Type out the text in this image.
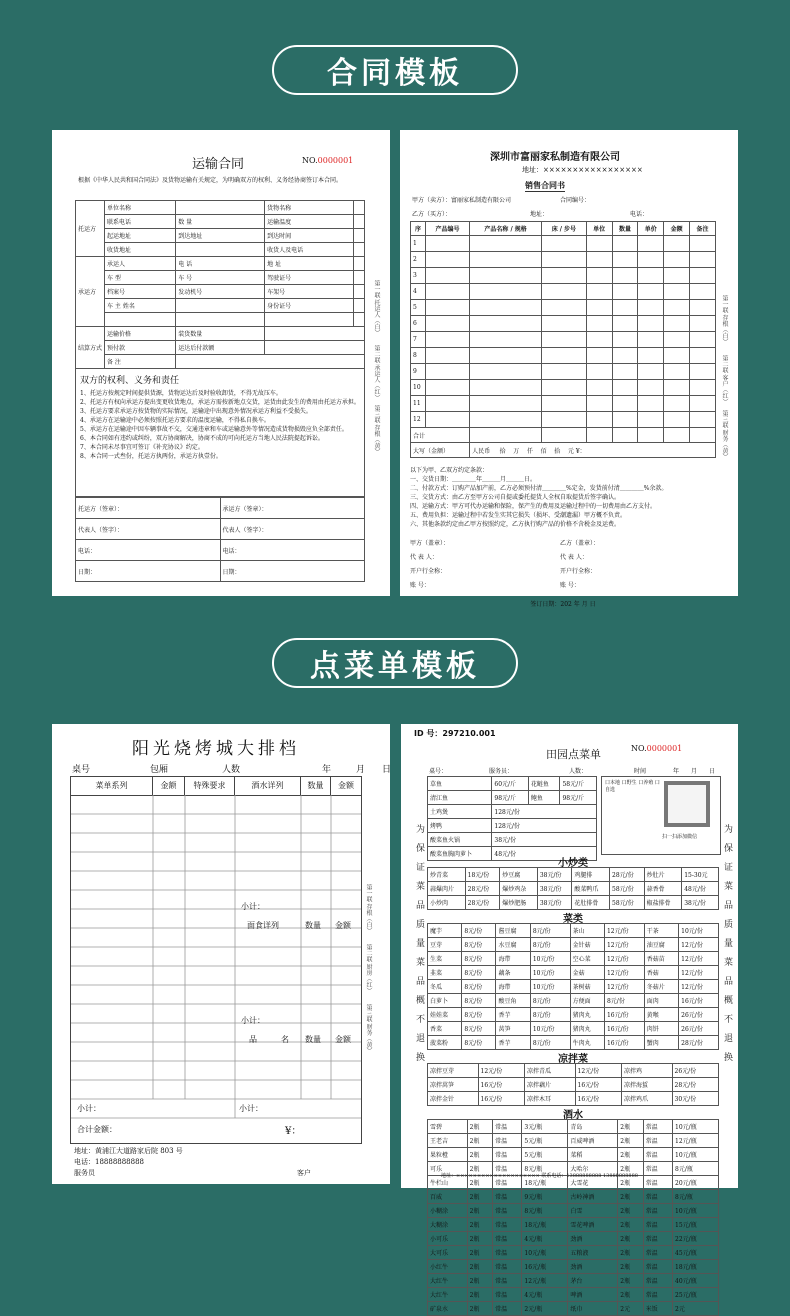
合同模板
运输合同	NO.0000001
根据《中华人民共和国合同法》及货物运输有关规定，为明确双方的权利、义务经协商签订本合同。
托运方	单位名称		货物名称	
	联系电话	数 量	运输温度	
	起运地址	到达地址	到达时间	
	收货地址		收货人及电话	
承运方	承运人	电 话	地 址	
	车 型	车 号	驾驶证号	
	档案号	发动机号	车架号	
	车 主 姓名		身份证号	

结算方式	运输价格	装货数量		
	预付款	运达后付款额		
	备 注			
双方的权利、义务和责任
1、托运方按规定时间提供货源，货物运达后及时验收卸货，不得无故压车。
2、托运方有权向承运方提出变更收货地点，承运方需按新地点交货，运货由此发生的费用由托运方承担。
3、托运方要求承运方按货物的实际情况，运输途中出现意外情况承运方利益不受损失。
4、承运方在运输途中必须按照托运方要求的温度运输，不得私自换车。
5、承运方在运输途中因车辆事故不交，交通违章和车或运输意外等情况造成货物损毁应负全部责任。
6、本合同如有违约或纠纷，双方协商解决，协商不成的可向托运方当地人民法院提起诉讼。
7、本合同未尽事宜可签订《补充协议》约定。
8、本合同一式叁份，托运方执两份，承运方执壹份。
托运方（签章）：	承运方（签章）：
代表人（签字）：	代表人（签字）：
电话：	电话：
日期：	日期：
第一联 托运人（白）
第二联 承运人（红）
第三联 存根（黄）
深圳市富丽家私制造有限公司
地址：×××××××××××××××××
销售合同书
甲方（卖方）：富丽家私制造有限公司	合同编号：
乙方（买方）：	地址：	电话：
序	产品编号	产品名称 / 规格	床 / 步号	单位	数量	单价	金额	备注
1								
2								
3								
4								
5								
6								
7								
8								
9								
10								
11								
12								
合计								
大写（金额）		人民币 拾 万 仟 佰 拾 元 ¥：						
以下为甲、乙双方约定条款：
一、交货日期：＿＿＿＿年＿＿＿月＿＿＿日。
二、付款方式：订购产品加产前，乙方必须预付清＿＿＿＿%定金，发货前付清＿＿＿＿%余款。
三、交货方式：由乙方至甲方公司自提或委托提货人全权自取提货后签字确认。
四、运输方式：甲方可代办运输和保险，保产生的费用及运输过程中的一切费用由乙方支付。
五、费用负担：运输过程中若发生实其它损失（损坏、受潮遗漏）甲方概不负责。
六、其他条款约定由乙甲方按照约定，乙方执行购产品的价格不含税金及运费。
甲方（盖章）：	乙方（盖章）：
代 表 人：	代 表 人：
开户行全称：	开户行全称：
账 号：	账 号：
签订日期：202 年 月 日
第一联 存根（白）
第二联 客户（红）
第三联 财务（黄）
点菜单模板
阳光烧烤城大排档
桌号	包厢	人数	年	月 日
菜单系列	金额	特殊要求	酒水详列	数量	金额
小计：
面食详列	数量 金额
小计：
品	名 数量 金额
小计：	小计：
合计金额：	¥：
地址：黄浦江大道路家后院 803 号
电话：18888888888
服务员	客户
第一联 存根（白）
第二联 厨房（红）
第三联 财务（黄）
ID 号：297210.001
田园点菜单	NO.0000001
桌号：	服务员：	人数：	时间	年 月 日
草鱼	60元/斤	花鲢鱼	58元/斤
清江鱼	98元/斤	鲍鱼	98元/斤
土鸡煲	128元/份		
烤鸭	128元/份		
酸菜鱼火锅	38元/份		
酸菜鱼胸肉萝卜	48元/份		
口本地 口野生 口养殖 口自选
扫一扫添加微信
小炒类
炒青菜	18元/份	炒豆腐	38元/份	鸡腿排	28元/份	炒肚片	15-30元
蒜爆肉片	28元/份	爆炒鸡杂	38元/份	酸菜鸭爪	58元/份	蒜香骨	48元/份
小炒肉	28元/份	爆炒肥肠	38元/份	花肚排骨	58元/份	椒盐排骨	38元/份
菜类
魔芋	8元/份	酱豆腐	8元/份	茶山	12元/份	干茶	10元/份
豆芽	8元/份	水豆腐	8元/份	金针菇	12元/份	油豆腐	12元/份
生菜	8元/份	海带	10元/份	空心菜	12元/份	香菇苗	12元/份
韭菜	8元/份	藕条	10元/份	金菇	12元/份	香菇	12元/份
冬瓜	8元/份	海带	10元/份	茶树菇	12元/份	冬菇片	12元/份
白萝卜	8元/份	酸豆角	8元/份	方便面	8元/份	面肉	16元/份
娃娃菜	8元/份	香芋	8元/份	猪肉丸	16元/份	黄喉	26元/份
香菜	8元/份	莴笋	10元/份	猪肉丸	16元/份	肉饼	26元/份
菠菜粉	8元/份	香芋	8元/份	牛肉丸	16元/份	蟹肉	28元/份
凉拌菜
凉拌豆芽	12元/份	凉拌青瓜	12元/份	凉拌鸡	26元/份
凉拌莴笋	16元/份	凉拌藕片	16元/份	凉拌海蜇	28元/份
凉拌金针	16元/份	凉拌木耳	16元/份	凉拌鸡爪	30元/份
酒水
雪碧	2瓶	常温	3元/瓶	青岛	2瓶	常温	10元/瓶
王老吉	2瓶	常温	5元/瓶	百威啤酒	2瓶	常温	12元/瓶
果粒橙	2瓶	常温	5元/瓶	菜稻	2瓶	常温	10元/瓶
可乐	2瓶	常温	8元/瓶	大哈尔	2瓶	常温	8元/瓶
牛栏山	2瓶	常温	18元/瓶	大雪花	2瓶	常温	20元/瓶
百威	2瓶	常温	9元/瓶	古岭神酒	2瓶	常温	8元/瓶
小糊涂	2瓶	常温	8元/瓶	白雪	2瓶	常温	10元/瓶
大糊涂	2瓶	常温	18元/瓶	雪花啤酒	2瓶	常温	15元/瓶
小可乐	2瓶	常温	4元/瓶	劲酒	2瓶	常温	22元/瓶
大可乐	2瓶	常温	10元/瓶	五粮液	2瓶	常温	45元/瓶
小红牛	2瓶	常温	16元/瓶	劲酒	2瓶	常温	18元/瓶
大红牛	2瓶	常温	12元/瓶	茅台	2瓶	常温	40元/瓶
大红牛	2瓶	常温	4元/瓶	啤酒	2瓶	常温	25元/瓶
矿泉水	2瓶	常温	2元/瓶	纸巾	2元	米饭	2元
地址：×××××××××××××××××××× 联系电话：13888888888 13888888888
为保证菜品质量菜品概不退换	为保证菜品质量菜品概不退换
